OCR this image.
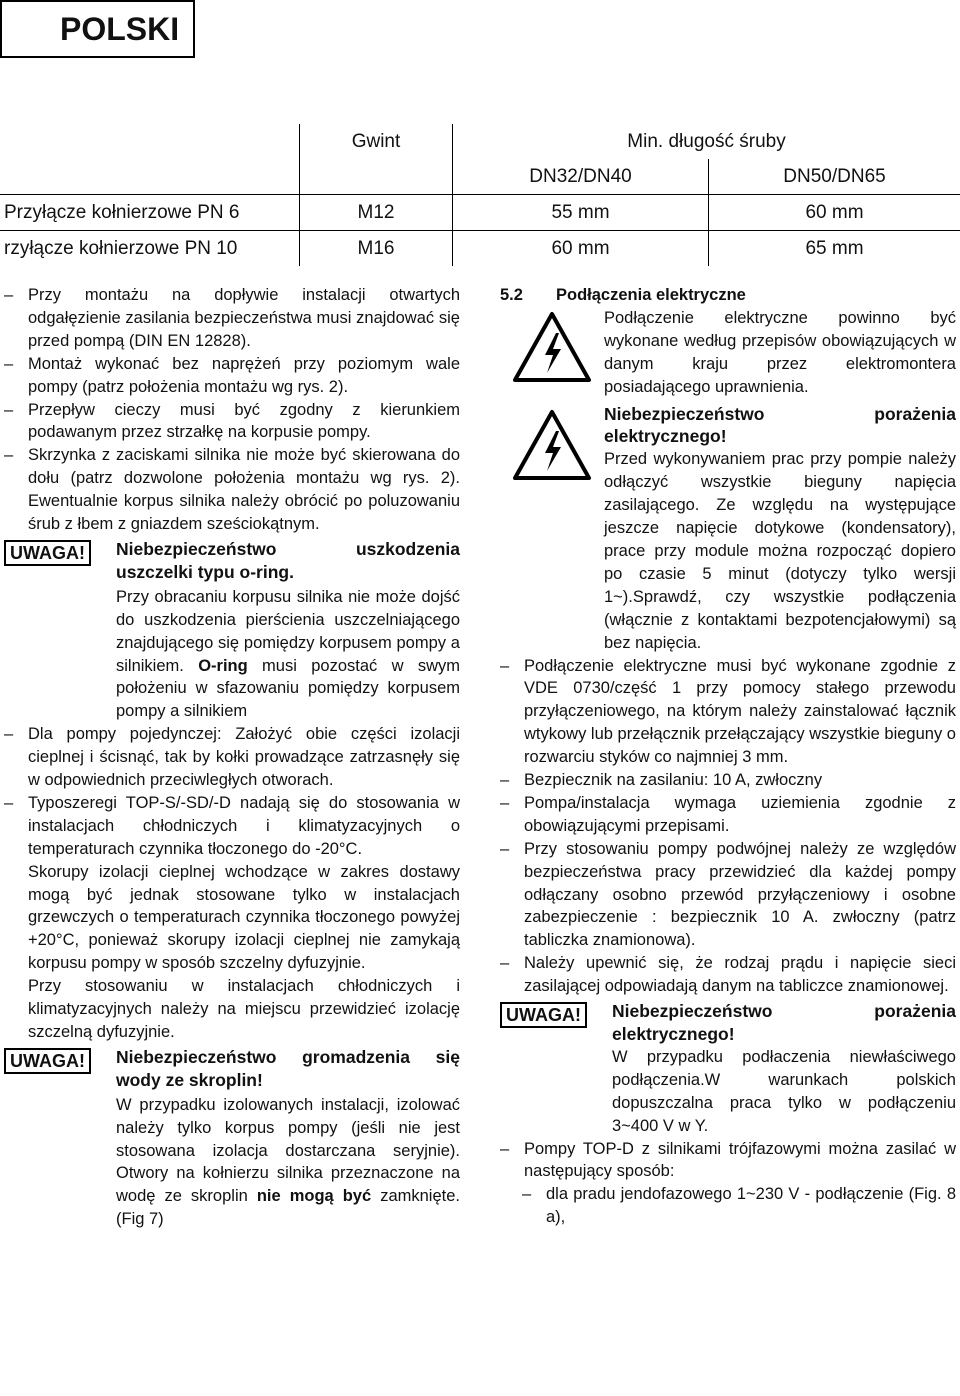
POLSKI
	Gwint	Min. długość śruby	
		DN32/DN40	DN50/DN65
Przyłącze kołnierzowe PN 6	M12	55 mm	60 mm
rzyłącze kołnierzowe PN 10	M16	60 mm	65 mm

– Przy montażu na dopływie instalacji otwartych odgałęzienie zasilania bezpieczeństwa musi znajdować się przed pompą (DIN EN 12828).

– Montaż wykonać bez naprężeń przy poziomym wale pompy (patrz położenia montażu wg rys. 2).

– Przepływ cieczy musi być zgodny z kierunkiem podawanym przez strzałkę na korpusie pompy.

– Skrzynka z zaciskami silnika nie może być skierowana do dołu (patrz dozwolone położenia montażu wg rys. 2). Ewentualnie korpus silnika należy obrócić po poluzowaniu śrub z łbem z gniazdem sześciokątnym.

UWAGA!	Niebezpieczeństwo uszkodzenia uszczelki typu o-ring.

Przy obracaniu korpusu silnika nie może dojść do uszkodzenia pierścienia uszczelniającego znajdującego się pomiędzy korpusem pompy a silnikiem. O-ring musi pozostać w swym położeniu w sfazowaniu pomiędzy korpusem pompy a silnikiem

– Dla pompy pojedynczej: Założyć obie części izolacji cieplnej i ścisnąć, tak by kołki prowadzące zatrzasnęły się w odpowiednich przeciwległych otworach.

– Typoszeregi TOP-S/-SD/-D nadają się do stosowania w instalacjach chłodniczych i klimatyzacyjnych o temperaturach czynnika tłoczonego do -20°C.

Skorupy izolacji cieplnej wchodzące w zakres dostawy mogą być jednak stosowane tylko w instalacjach grzewczych o temperaturach czynnika tłoczonego powyżej +20°C, ponieważ skorupy izolacji cieplnej nie zamykają korpusu pompy w sposób szczelny dyfuzyjnie.

Przy stosowaniu w instalacjach chłodniczych i klimatyzacyjnych należy na miejscu przewidzieć izolację szczelną dyfuzyjnie.

UWAGA!	Niebezpieczeństwo gromadzenia się wody ze skroplin!

W przypadku izolowanych instalacji, izolować należy tylko korpus pompy (jeśli nie jest stosowana izolacja dostarczana seryjnie). Otwory na kołnierzu silnika przeznaczone na wodę ze skroplin nie mogą być zamknięte. (Fig 7)

5.2 Podłączenia elektryczne

Podłączenie elektryczne powinno być wykonane według przepisów obowiązujących w danym kraju przez elektromontera posiadającego uprawnienia.

Niebezpieczeństwo porażenia elektrycznego!

Przed wykonywaniem prac przy pompie należy odłączyć wszystkie bieguny napięcia zasilającego. Ze względu na występujące jeszcze napięcie dotykowe (kondensatory), prace przy module można rozpocząć dopiero po czasie 5 minut (dotyczy tylko wersji 1~).Sprawdź, czy wszystkie podłączenia (włącznie z kontaktami bezpotencjałowymi) są bez napięcia.

– Podłączenie elektryczne musi być wykonane zgodnie z VDE 0730/część 1 przy pomocy stałego przewodu przyłączeniowego, na którym należy zainstalować łącznik wtykowy lub przełącznik przełączający wszystkie bieguny o rozwarciu styków co najmniej 3 mm.

– Bezpiecznik na zasilaniu: 10 A, zwłoczny

– Pompa/instalacja wymaga uziemienia zgodnie z obowiązującymi przepisami.

– Przy stosowaniu pompy podwójnej należy ze względów bezpieczeństwa pracy przewidzieć dla każdej pompy odłączany osobno przewód przyłączeniowy i osobne zabezpieczenie : bezpiecznik 10 A. zwłoczny (patrz tabliczka znamionowa).

– Należy upewnić się, że rodzaj prądu i napięcie sieci zasilającej odpowiadają danym na tabliczce znamionowej.

UWAGA!	Niebezpieczeństwo porażenia elektrycznego!

W przypadku podłaczenia niewłaściwego podłączenia.W warunkach polskich dopuszczalna praca tylko w podłączeniu 3~400 V w Y.

– Pompy TOP-D z silnikami trójfazowymi można zasilać w następujący sposób:

– dla pradu jendofazowego 1~230 V - podłączenie (Fig. 8 a),
